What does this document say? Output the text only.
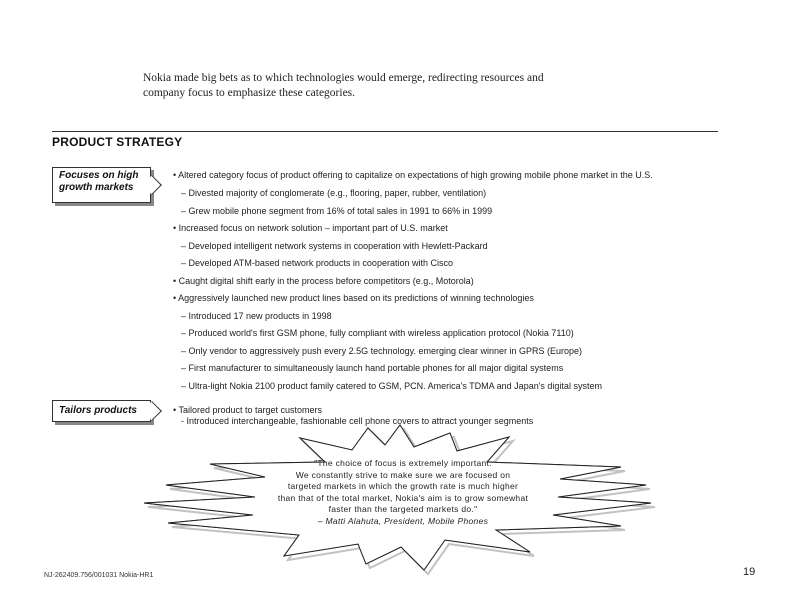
Nokia made big bets as to which technologies would emerge, redirecting resources and
company focus to emphasize these categories.

PRODUCT STRATEGY
Focuses on high
growth markets
Tailors products
• Altered category focus of product offering to capitalize on expectations of high growing mobile phone market in the U.S.
– Divested majority of conglomerate (e.g., flooring, paper, rubber, ventilation)
– Grew mobile phone segment from 16% of total sales in 1991 to 66% in 1999
• Increased focus on network solution – important part of U.S. market
– Developed intelligent network systems in cooperation with Hewlett-Packard
– Developed ATM-based network products in cooperation with Cisco
• Caught digital shift early in the process before competitors (e.g., Motorola)
• Aggressively launched new product lines based on its predictions of winning technologies
– Introduced 17 new products in 1998
– Produced world's first GSM phone, fully compliant with wireless application protocol (Nokia 7110)
– Only vendor to aggressively push every 2.5G technology. emerging clear winner in GPRS (Europe)
– First manufacturer to simultaneously launch hand portable phones for all major digital systems
– Ultra-light Nokia 2100 product family catered to GSM, PCN. America's TDMA and Japan's digital system
• Tailored product to target customers
- Introduced interchangeable, fashionable cell phone covers to attract younger segments
"The choice of focus is extremely important.
We constantly strive to make sure we are focused on
targeted markets in which the growth rate is much higher
than that of the total market, Nokia's aim is to grow somewhat
faster than the targeted markets do."
– Matti Alahuta, President, Mobile Phones
NJ-262409.756/001031 Nokia-HR1	19
